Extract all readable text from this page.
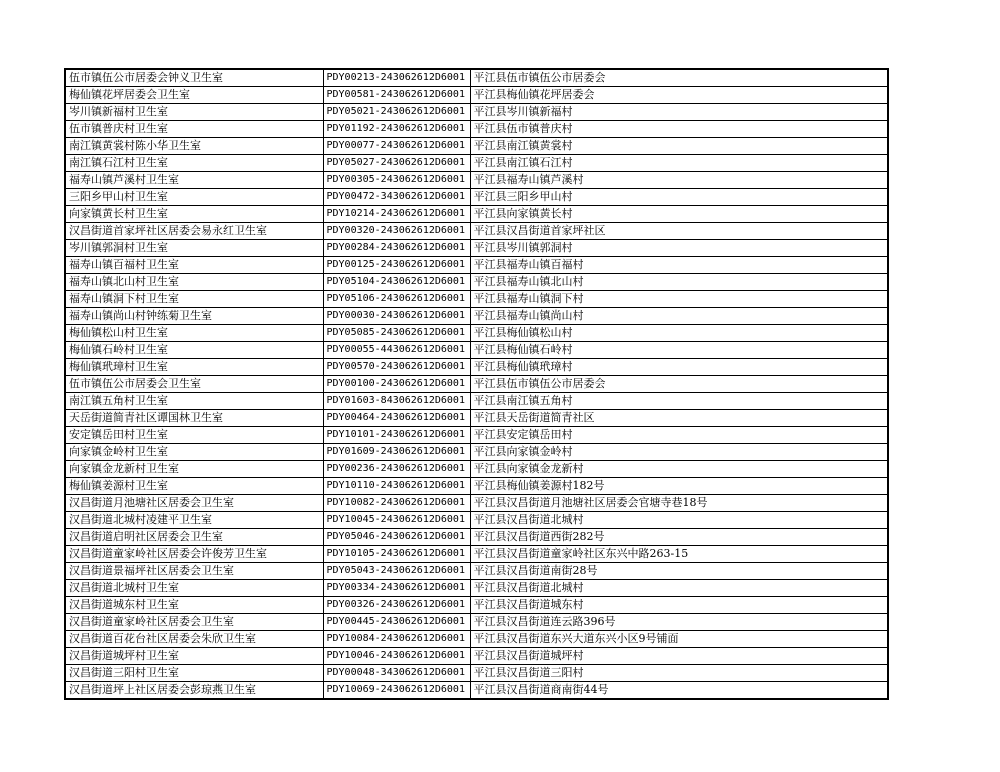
伍市镇伍公市居委会钟义卫生室	PDY00213-243062612D6001	平江县伍市镇伍公市居委会
梅仙镇花坪居委会卫生室	PDY00581-243062612D6001	平江县梅仙镇花坪居委会
岑川镇新福村卫生室	PDY05021-243062612D6001	平江县岑川镇新福村
伍市镇普庆村卫生室	PDY01192-243062612D6001	平江县伍市镇普庆村
南江镇黄裳村陈小华卫生室	PDY00077-243062612D6001	平江县南江镇黄裳村
南江镇石江村卫生室	PDY05027-243062612D6001	平江县南江镇石江村
福寿山镇芦溪村卫生室	PDY00305-243062612D6001	平江县福寿山镇芦溪村
三阳乡甲山村卫生室	PDY00472-343062612D6001	平江县三阳乡甲山村
向家镇黄长村卫生室	PDY10214-243062612D6001	平江县向家镇黄长村
汉昌街道首家坪社区居委会易永红卫生室	PDY00320-243062612D6001	平江县汉昌街道首家坪社区
岑川镇郭洞村卫生室	PDY00284-243062612D6001	平江县岑川镇郭洞村
福寿山镇百福村卫生室	PDY00125-243062612D6001	平江县福寿山镇百福村
福寿山镇北山村卫生室	PDY05104-243062612D6001	平江县福寿山镇北山村
福寿山镇洞下村卫生室	PDY05106-243062612D6001	平江县福寿山镇洞下村
福寿山镇尚山村钟练菊卫生室	PDY00030-243062612D6001	平江县福寿山镇尚山村
梅仙镇松山村卫生室	PDY05085-243062612D6001	平江县梅仙镇松山村
梅仙镇石岭村卫生室	PDY00055-443062612D6001	平江县梅仙镇石岭村
梅仙镇玳璋村卫生室	PDY00570-243062612D6001	平江县梅仙镇玳璋村
伍市镇伍公市居委会卫生室	PDY00100-243062612D6001	平江县伍市镇伍公市居委会
南江镇五角村卫生室	PDY01603-843062612D6001	平江县南江镇五角村
天岳街道简青社区谭国林卫生室	PDY00464-243062612D6001	平江县天岳街道简青社区
安定镇岳田村卫生室	PDY10101-243062612D6001	平江县安定镇岳田村
向家镇金岭村卫生室	PDY01609-243062612D6001	平江县向家镇金岭村
向家镇金龙新村卫生室	PDY00236-243062612D6001	平江县向家镇金龙新村
梅仙镇姜源村卫生室	PDY10110-243062612D6001	平江县梅仙镇姜源村182号
汉昌街道月池塘社区居委会卫生室	PDY10082-243062612D6001	平江县汉昌街道月池塘社区居委会官塘寺巷18号
汉昌街道北城村凌建平卫生室	PDY10045-243062612D6001	平江县汉昌街道北城村
汉昌街道启明社区居委会卫生室	PDY05046-243062612D6001	平江县汉昌街道西街282号
汉昌街道童家岭社区居委会许俊芳卫生室	PDY10105-243062612D6001	平江县汉昌街道童家岭社区东兴中路263-15
汉昌街道景福坪社区居委会卫生室	PDY05043-243062612D6001	平江县汉昌街道南街28号
汉昌街道北城村卫生室	PDY00334-243062612D6001	平江县汉昌街道北城村
汉昌街道城东村卫生室	PDY00326-243062612D6001	平江县汉昌街道城东村
汉昌街道童家岭社区居委会卫生室	PDY00445-243062612D6001	平江县汉昌街道连云路396号
汉昌街道百花台社区居委会朱欣卫生室	PDY10084-243062612D6001	平江县汉昌街道东兴大道东兴小区9号铺面
汉昌街道城坪村卫生室	PDY10046-243062612D6001	平江县汉昌街道城坪村
汉昌街道三阳村卫生室	PDY00048-343062612D6001	平江县汉昌街道三阳村
汉昌街道坪上社区居委会彭琼燕卫生室	PDY10069-243062612D6001	平江县汉昌街道商南街44号
